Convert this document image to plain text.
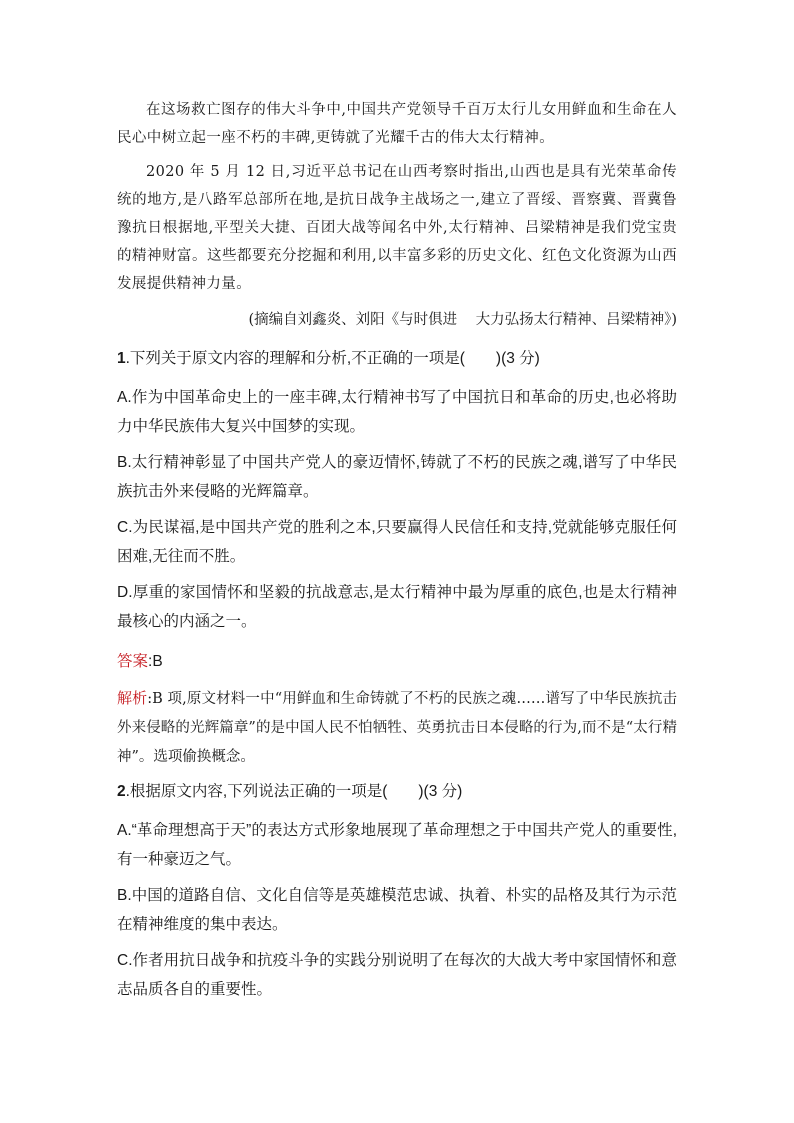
在这场救亡图存的伟大斗争中,中国共产党领导千百万太行儿女用鲜血和生命在人民心中树立起一座不朽的丰碑,更铸就了光耀千古的伟大太行精神。
2020 年 5 月 12 日,习近平总书记在山西考察时指出,山西也是具有光荣革命传统的地方,是八路军总部所在地,是抗日战争主战场之一,建立了晋绥、晋察冀、晋冀鲁豫抗日根据地,平型关大捷、百团大战等闻名中外,太行精神、吕梁精神是我们党宝贵的精神财富。这些都要充分挖掘和利用,以丰富多彩的历史文化、红色文化资源为山西发展提供精神力量。
(摘编自刘鑫炎、刘阳《与时俱进    大力弘扬太行精神、吕梁精神》)
1.下列关于原文内容的理解和分析,不正确的一项是(　　)(3 分)
A.作为中国革命史上的一座丰碑,太行精神书写了中国抗日和革命的历史,也必将助力中华民族伟大复兴中国梦的实现。
B.太行精神彰显了中国共产党人的豪迈情怀,铸就了不朽的民族之魂,谱写了中华民族抗击外来侵略的光辉篇章。
C.为民谋福,是中国共产党的胜利之本,只要赢得人民信任和支持,党就能够克服任何困难,无往而不胜。
D.厚重的家国情怀和坚毅的抗战意志,是太行精神中最为厚重的底色,也是太行精神最核心的内涵之一。
答案:B
解析:B 项,原文材料一中“用鲜血和生命铸就了不朽的民族之魂……谱写了中华民族抗击外来侵略的光辉篇章”的是中国人民不怕牺牲、英勇抗击日本侵略的行为,而不是“太行精神”。选项偷换概念。
2.根据原文内容,下列说法正确的一项是(　　)(3 分)
A.“革命理想高于天”的表达方式形象地展现了革命理想之于中国共产党人的重要性,有一种豪迈之气。
B.中国的道路自信、文化自信等是英雄模范忠诚、执着、朴实的品格及其行为示范在精神维度的集中表达。
C.作者用抗日战争和抗疫斗争的实践分别说明了在每次的大战大考中家国情怀和意志品质各自的重要性。
